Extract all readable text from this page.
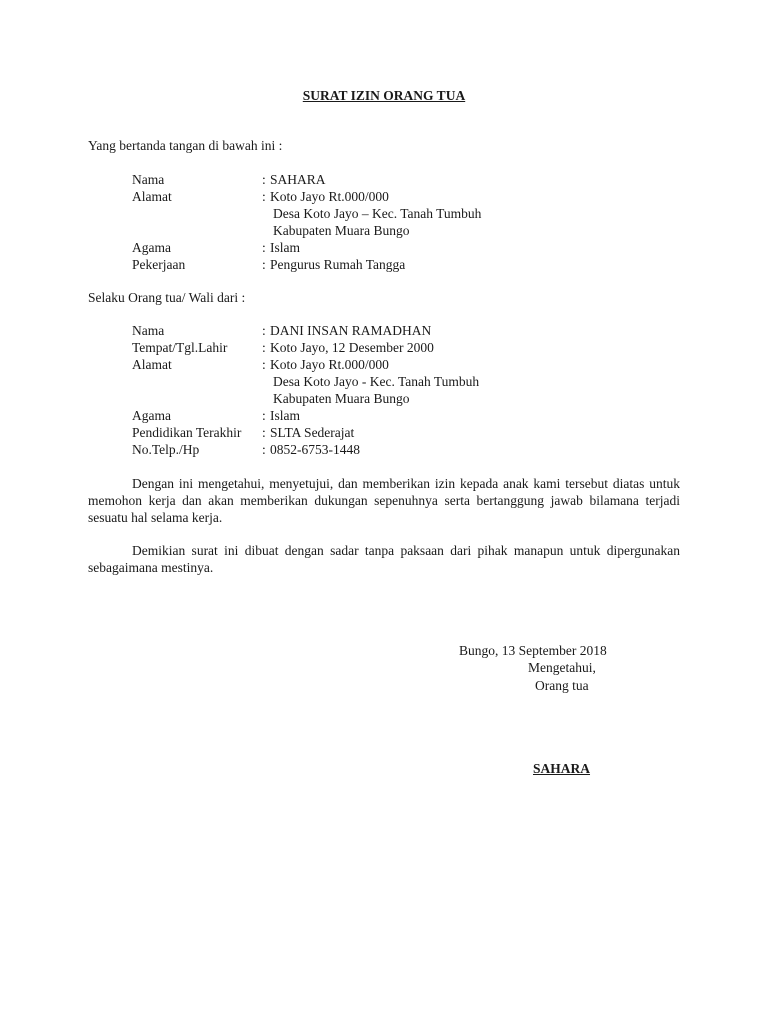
SURAT IZIN ORANG TUA
Yang bertanda tangan di bawah ini :
Nama	: SAHARA
Alamat	: Koto Jayo Rt.000/000
Desa Koto Jayo – Kec. Tanah Tumbuh
Kabupaten Muara Bungo
Agama	: Islam
Pekerjaan	: Pengurus Rumah Tangga
Selaku Orang tua/ Wali dari :
Nama	: DANI INSAN RAMADHAN
Tempat/Tgl.Lahir	: Koto Jayo, 12 Desember 2000
Alamat	: Koto Jayo Rt.000/000
Desa Koto Jayo - Kec. Tanah Tumbuh
Kabupaten Muara Bungo
Agama	: Islam
Pendidikan Terakhir : SLTA Sederajat
No.Telp./Hp	: 0852-6753-1448

Dengan ini mengetahui, menyetujui, dan memberikan izin kepada anak kami tersebut diatas untuk memohon kerja dan akan memberikan dukungan sepenuhnya serta bertanggung jawab bilamana terjadi sesuatu hal selama kerja.

Demikian surat ini dibuat dengan sadar tanpa paksaan dari pihak manapun untuk dipergunakan sebagaimana mestinya.

Bungo, 13 September 2018
Mengetahui,
Orang tua
SAHARA
